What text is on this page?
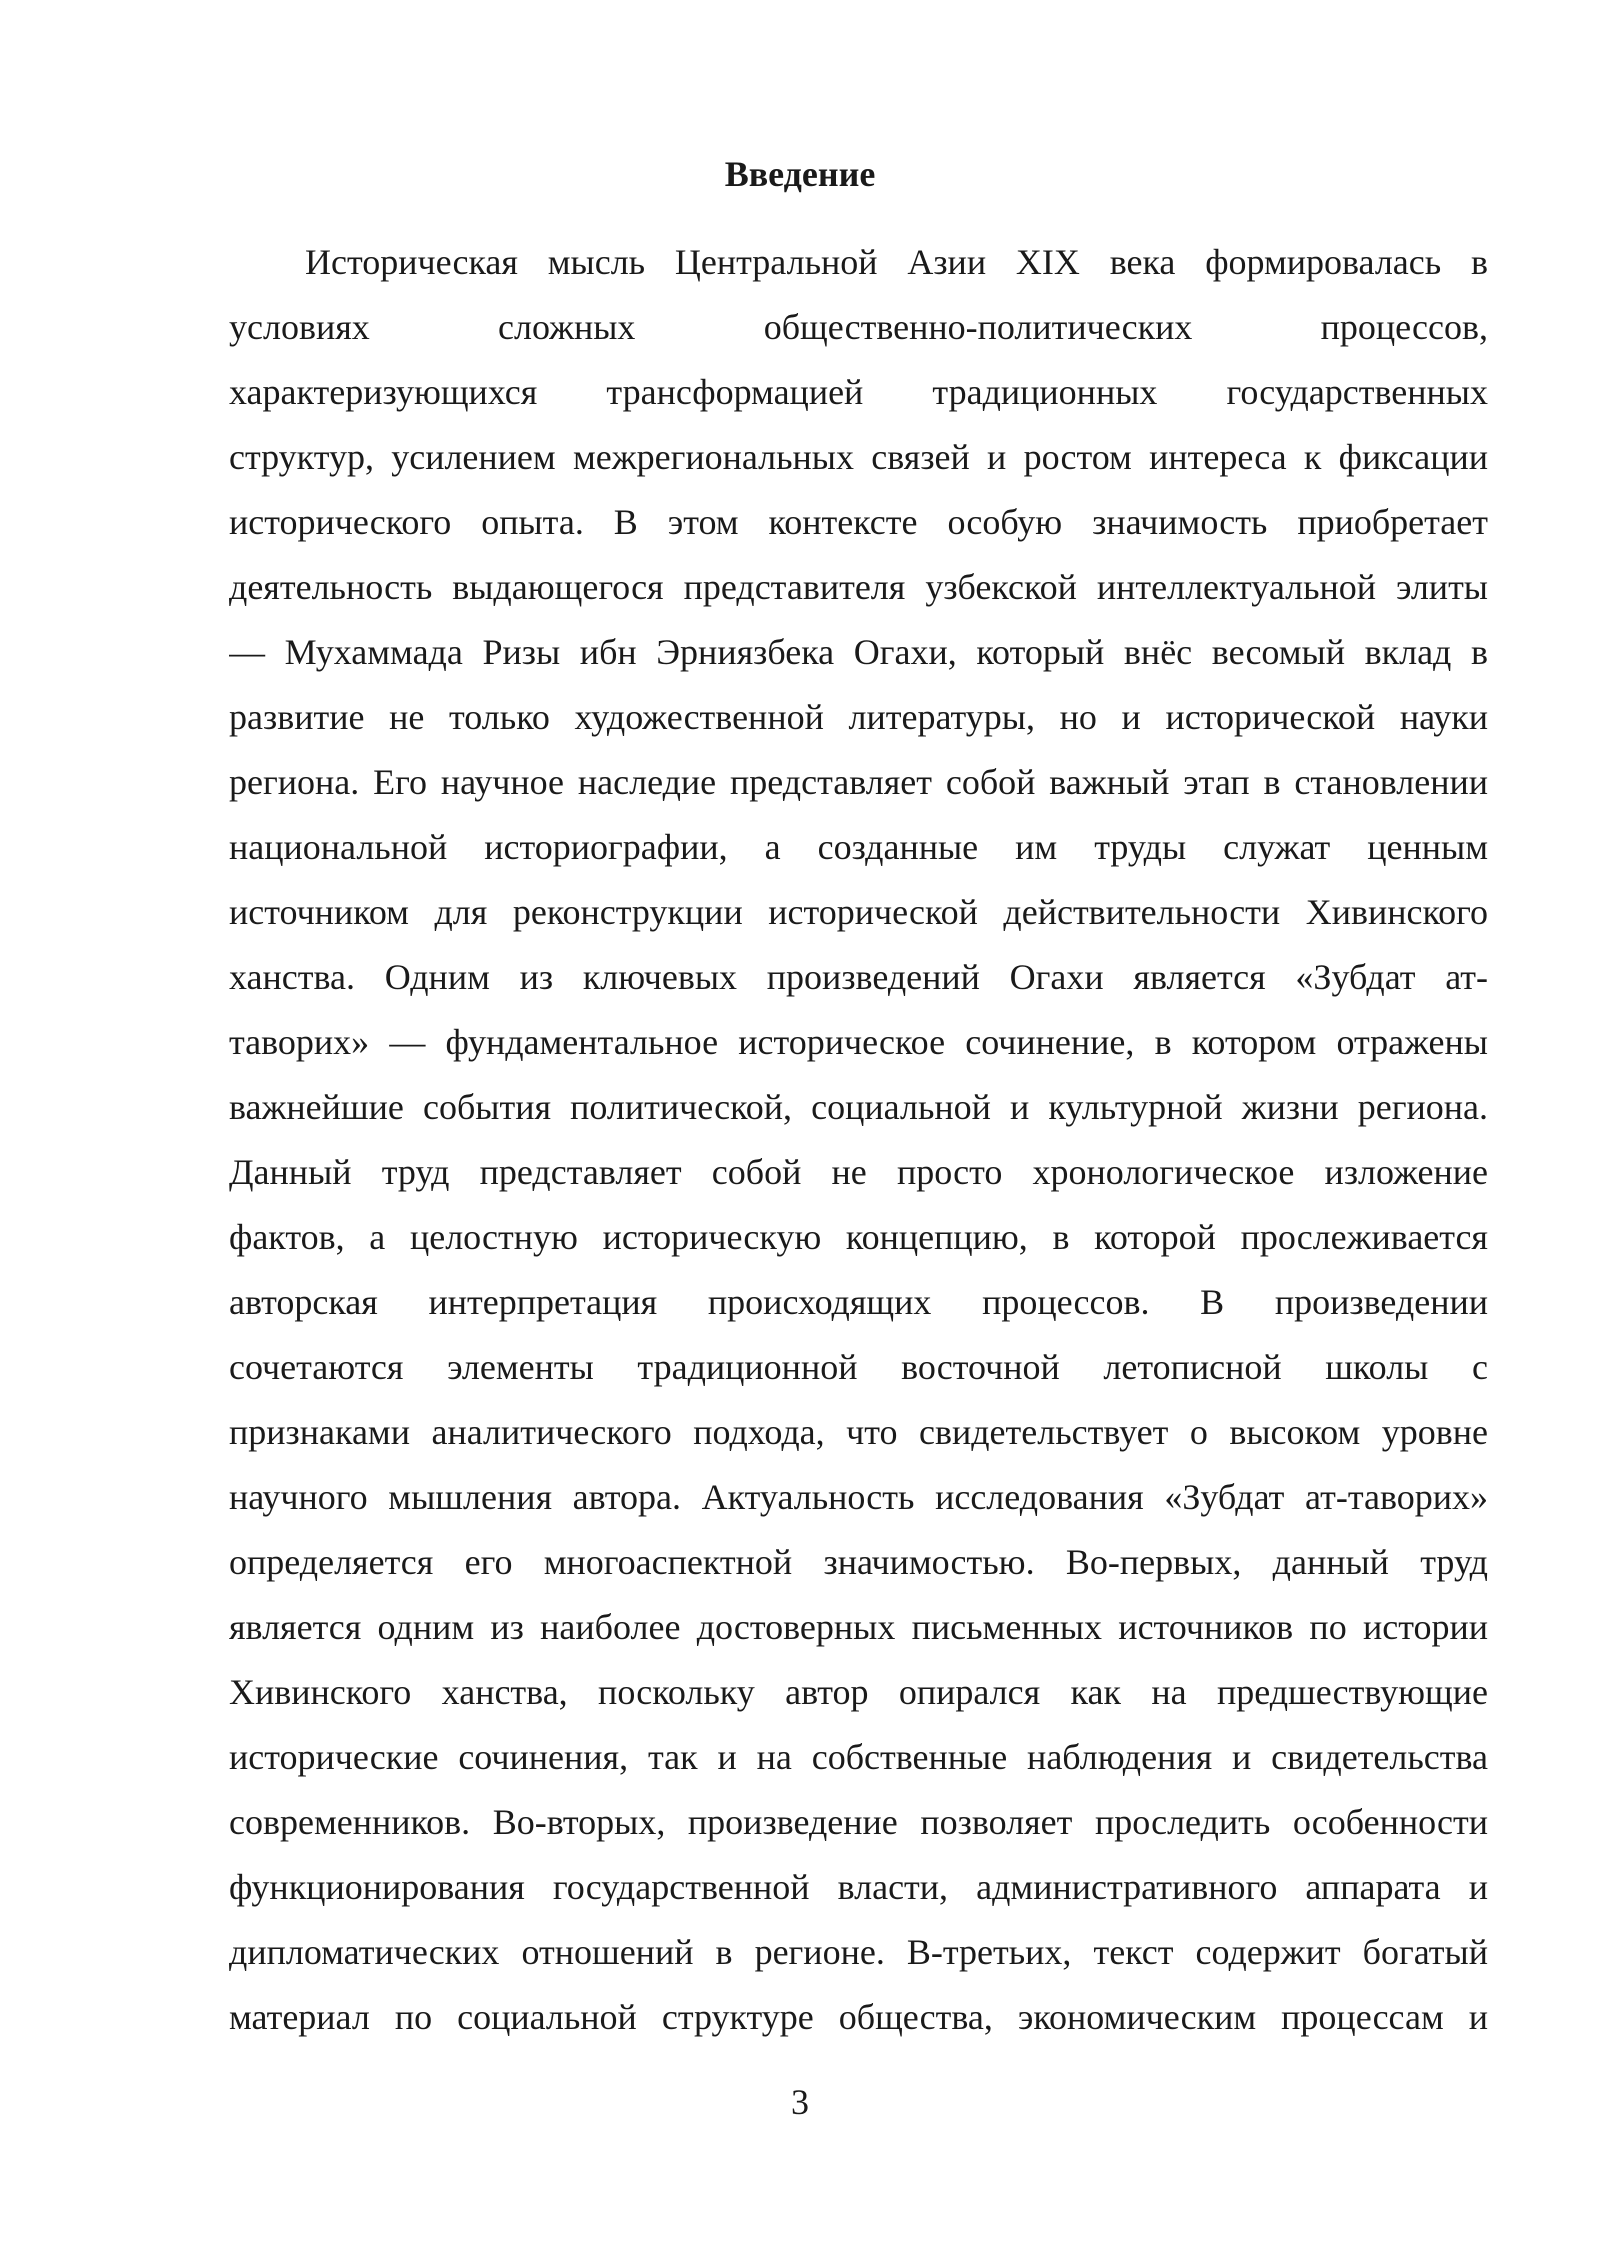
Введение
Историческая мысль Центральной Азии XIX века формировалась в
условиях сложных общественно-политических процессов,
характеризующихся трансформацией традиционных государственных
структур, усилением межрегиональных связей и ростом интереса к фиксации
исторического опыта. В этом контексте особую значимость приобретает
деятельность выдающегося представителя узбекской интеллектуальной элиты
— Мухаммада Ризы ибн Эрниязбека Огахи, который внёс весомый вклад в
развитие не только художественной литературы, но и исторической науки
региона. Его научное наследие представляет собой важный этап в становлении
национальной историографии, а созданные им труды служат ценным
источником для реконструкции исторической действительности Хивинского
ханства. Одним из ключевых произведений Огахи является «Зубдат ат-
таворих» — фундаментальное историческое сочинение, в котором отражены
важнейшие события политической, социальной и культурной жизни региона.
Данный труд представляет собой не просто хронологическое изложение
фактов, а целостную историческую концепцию, в которой прослеживается
авторская интерпретация происходящих процессов. В произведении
сочетаются элементы традиционной восточной летописной школы с
признаками аналитического подхода, что свидетельствует о высоком уровне
научного мышления автора. Актуальность исследования «Зубдат ат-таворих»
определяется его многоаспектной значимостью. Во-первых, данный труд
является одним из наиболее достоверных письменных источников по истории
Хивинского ханства, поскольку автор опирался как на предшествующие
исторические сочинения, так и на собственные наблюдения и свидетельства
современников. Во-вторых, произведение позволяет проследить особенности
функционирования государственной власти, административного аппарата и
дипломатических отношений в регионе. В-третьих, текст содержит богатый
материал по социальной структуре общества, экономическим процессам и
3
